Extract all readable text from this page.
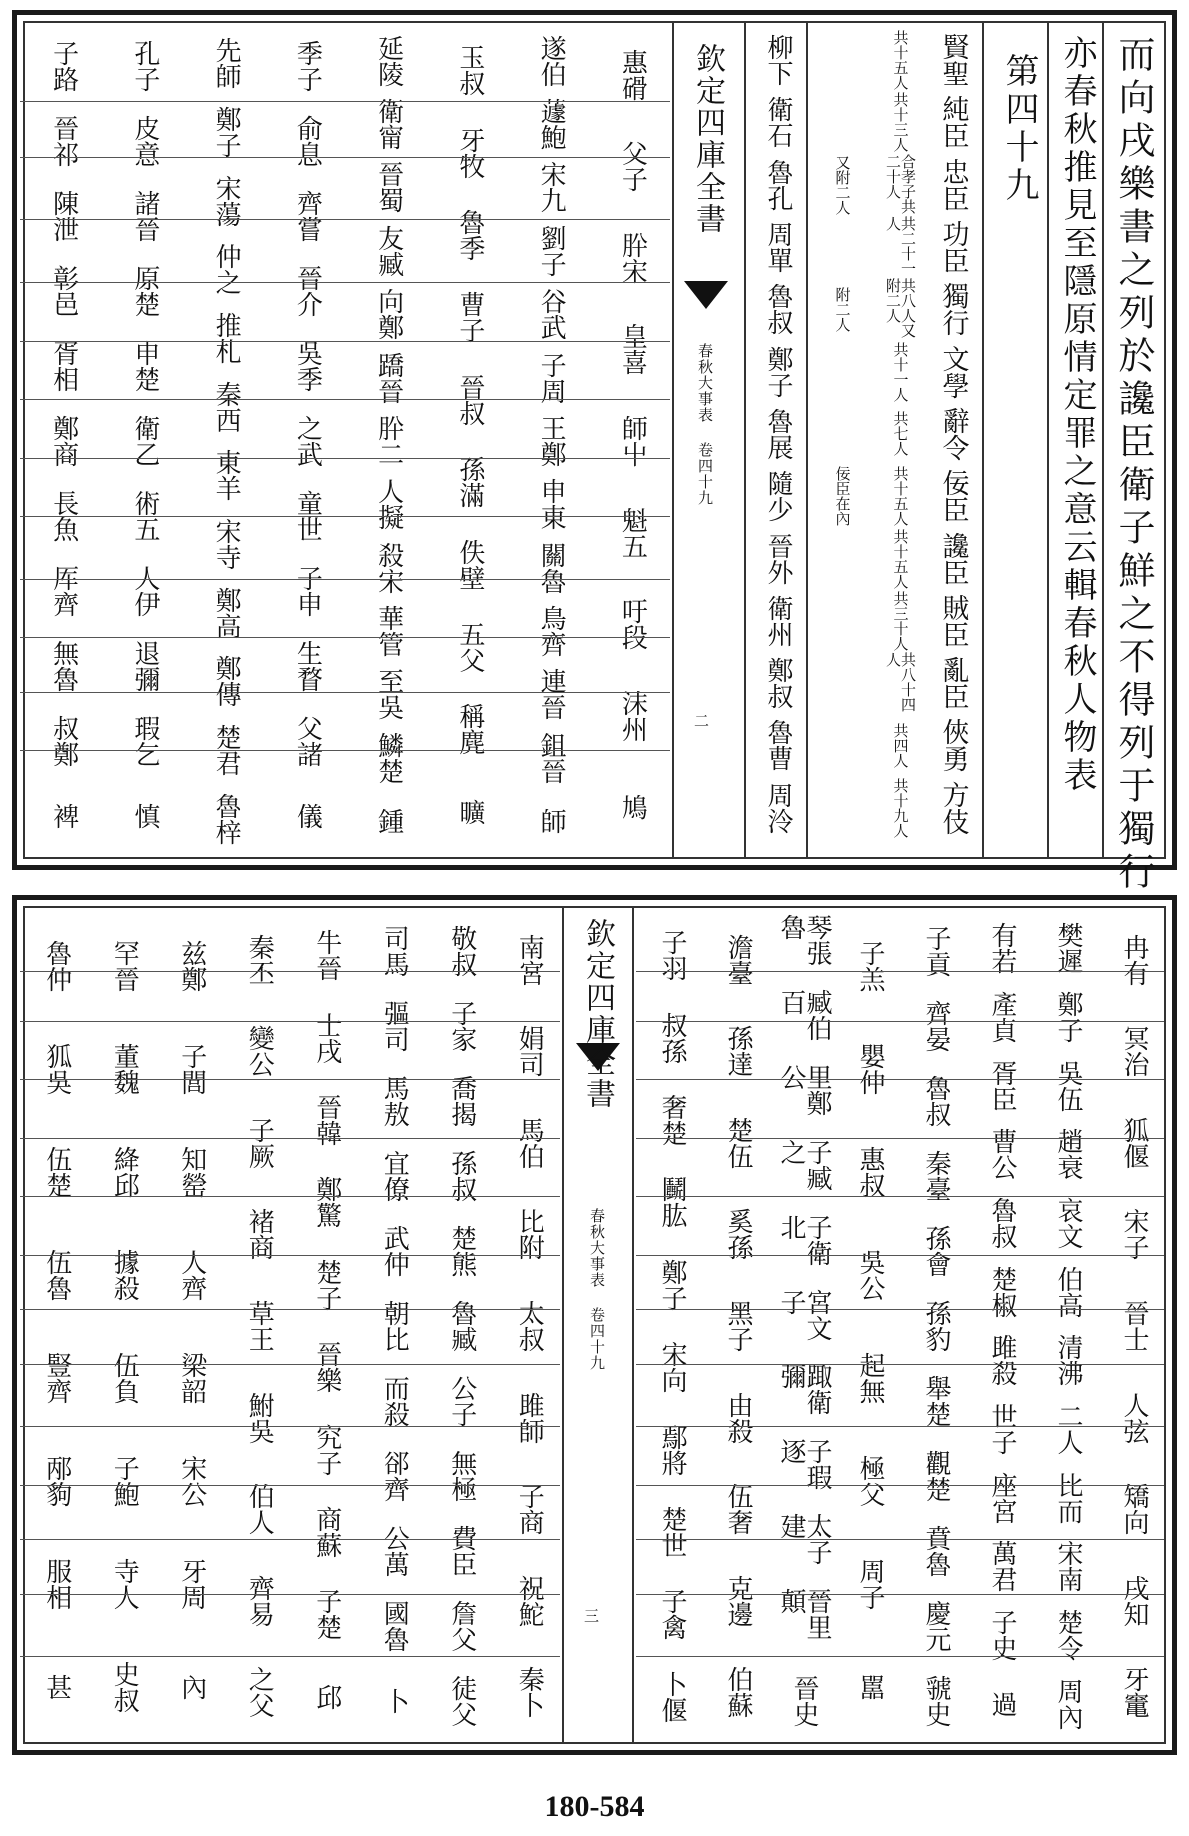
而向戌樂書之列於讒臣衛子鮮之不得列于獨行
亦春秋推見至隱原情定罪之意云輯春秋人物表
第四十九
賢聖
純臣
忠臣
功臣
獨行
文學
辭令
佞臣
讒臣
賊臣
亂臣
俠勇
方伎
共十五人
共十三人
合孝子共二十人
共二十一人
共八人又附二人
共十一人
共七人
共十五人
共十五人
共三十人
共八十四人
共四人
共十九人
又附二人
附二人
佞臣在內
柳下
衛石
魯孔
周單
魯叔
鄭子
魯展
隨少
晉外
衛州
鄭叔
魯曹
周泠
欽定四庫全書
春秋大事表 卷四十九
二
惠磆
父子
肸宋
皇喜
師屮
魁五
吁段
沫州
鳩
遂伯
蘧鮑
宋九
劉子
谷武
子周
王鄭
申東
關魯
鳥齊
連晉
鉏晉
師
玉叔
牙牧
魯季
曹子
晉叔
孫滿
佚壁
五父
稱麂
曠
延陵
衛甯
晉蜀
友臧
向鄭
蹻晉
肸二
人擬
殺宋
華管
至吳
鱗楚
鍾
季子
俞息
齊嘗
晉介
吳季
之武
童世
子申
生瞀
父諸
儀
先師
鄭子
宋蕩
仲之
推札
秦西
東羊
宋寺
鄭高
鄭傳
楚君
魯梓
孔子
皮意
諸晉
原楚
申楚
衛乙
術五
人伊
退彌
瑕乞
慎
子路
晉祁
陳泄
彰邑
胥相
鄭商
長魚
厍齊
無魯
叔鄭
裨
冉有
冥治
狐偃
宋子
晉士
人弦
矯向
戌知
牙竃
樊遲
鄭子
吳伍
趙衰
哀文
伯高
清沸
二人
比而
宋南
楚令
周內
有若
產貞
胥臣
曹公
魯叔
楚椒
雎殺
世子
座宮
萬君
子史
過
子貢
齊晏
魯叔
秦臺
孫會
孫豹
舉楚
觀楚
賁魯
慶元
虢史
子羔
嬰仲
惠叔
吳公
起無
極父
周子
嚚
琴張魯
臧伯百
里鄭公
子臧之
子衛北
宮文子
踙衛彌
子瑕逐
太子建
晉里顛
晉史
澹臺
孫達
楚伍
奚孫
黑子
由殺
伍奢
克邊
伯蘇
子羽
叔孫
奢楚
鬭肱
鄭子
宋向
鄢將
楚世
子禽
卜偃
欽定四庫全書
春秋大事表 卷四十九
三
南宮
娟司
馬伯
比附
太叔
雎師
子商
祝鮀
秦卜
敬叔
子家
喬揭
孫叔
楚熊
魯臧
公子
無極
費臣
詹父
徒父
司馬
彄司
馬敖
宜僚
武仲
朝比
而殺
郤齊
公萬
國魯
卜
牛晉
士戌
晉韓
鄭驚
楚子
晉樂
究子
商蘇
子楚
邱
秦丕
變公
子厥
褚商
草王
鮒吳
伯人
齊易
之父
兹鄭
子閭
知罃
人齊
梁韶
宋公
牙周
內
罕晉
董魏
絳邱
據殺
伍負
子鮑
寺人
史叔
魯仲
狐吳
伍楚
伍魯
豎齊
邴豿
服相
甚
180-584
